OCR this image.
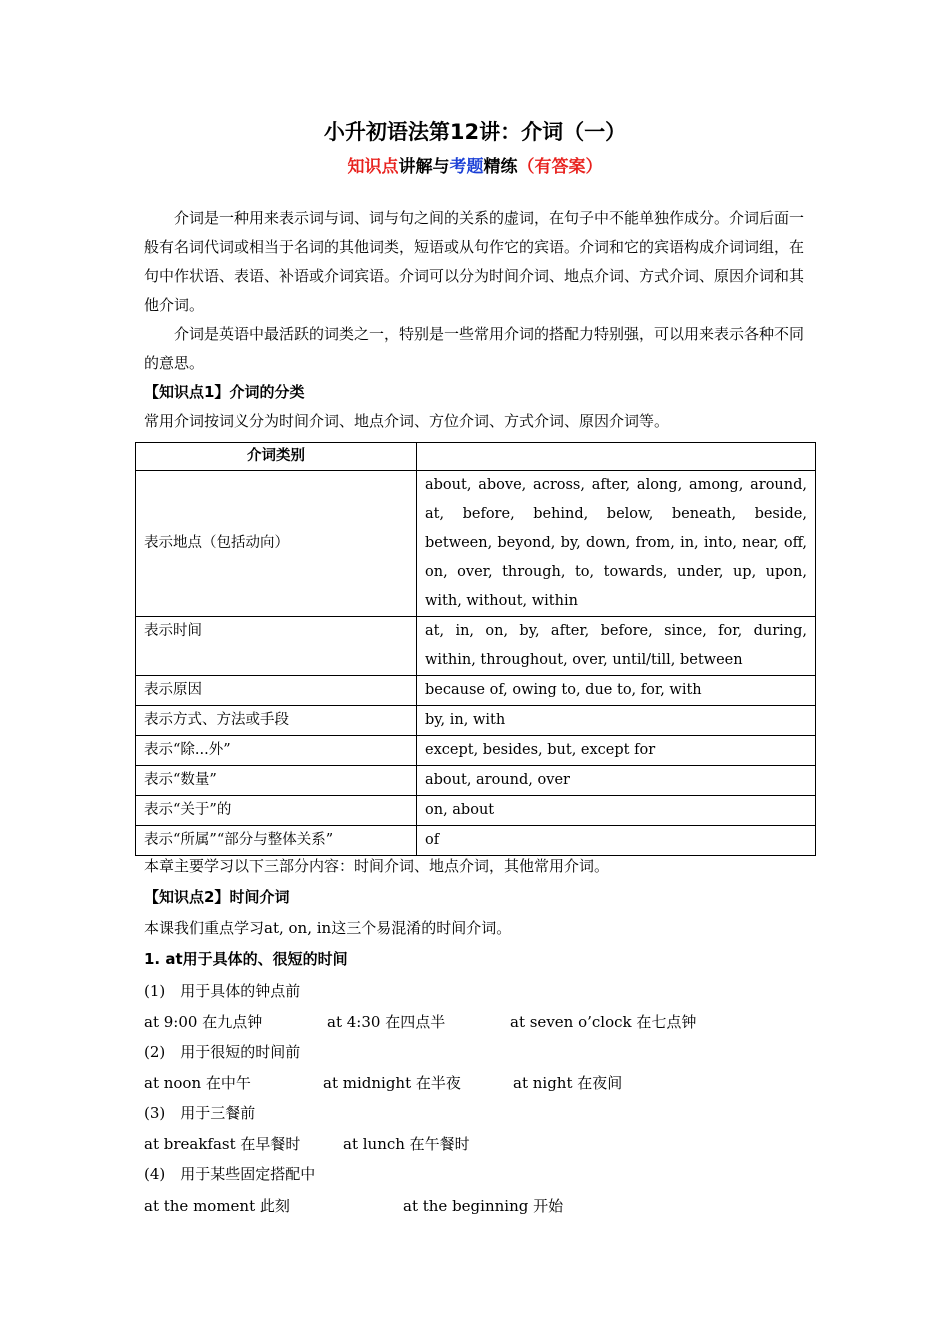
小升初语法第12讲：介词（一）
知识点讲解与考题精练（有答案）

介词是一种用来表示词与词、词与句之间的关系的虚词，在句子中不能单独作成分。介词后面一般有名词代词或相当于名词的其他词类，短语或从句作它的宾语。介词和它的宾语构成介词词组，在句中作状语、表语、补语或介词宾语。介词可以分为时间介词、地点介词、方式介词、原因介词和其他介词。

介词是英语中最活跃的词类之一，特别是一些常用介词的搭配力特别强，可以用来表示各种不同的意思。

【知识点1】介词的分类

常用介词按词义分为时间介词、地点介词、方位介词、方式介词、原因介词等。

介词类别	
表示地点（包括动向）	about, above, across, after, along, among, around, at, before, behind, below, beneath, beside, between, beyond, by, down, from, in, into, near, off, on, over, through, to, towards, under, up, upon, with, without, within
表示时间	at, in, on, by, after, before, since, for, during, within, throughout, over, until/till, between
表示原因	because of, owing to, due to, for, with
表示方式、方法或手段	by, in, with
表示“除...外”	except, besides, but, except for
表示“数量”	about, around, over
表示“关于”的	on, about
表示“所属”“部分与整体关系”	of

本章主要学习以下三部分内容：时间介词、地点介词，其他常用介词。

【知识点2】时间介词

本课我们重点学习at, on, in这三个易混淆的时间介词。

1. at用于具体的、很短的时间

(1)　用于具体的钟点前
at 9:00 在九点钟	at 4:30 在四点半	at seven o’clock 在七点钟
(2)　用于很短的时间前
at noon 在中午	at midnight 在半夜	at night 在夜间
(3)　用于三餐前
at breakfast 在早餐时	at lunch 在午餐时
(4)　用于某些固定搭配中
at the moment 此刻	at the beginning 开始
